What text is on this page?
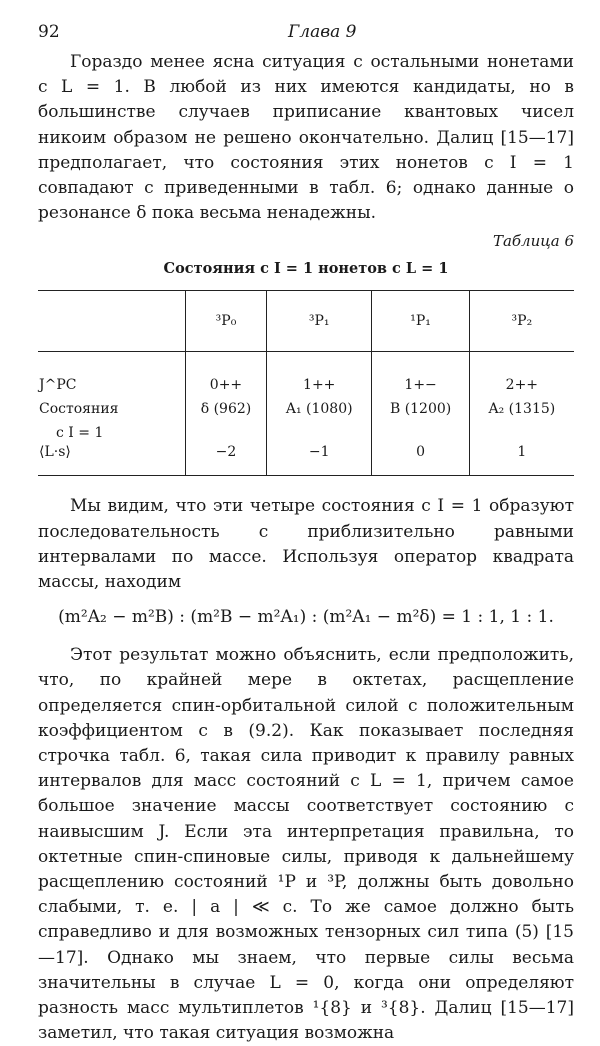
92	Глава 9

Гораздо менее ясна ситуация с остальными нонетами с L = 1. В любой из них имеются кандидаты, но в большинстве случаев приписание квантовых чисел никоим образом не решено окончательно. Далиц [15—17] предполагает, что состояния этих нонетов с I = 1 совпадают с приведенными в табл. 6; однако данные о резонансе δ пока весьма ненадежны.

Таблица 6
Состояния с I = 1 нонетов с L = 1
	³P₀	³P₁	¹P₁	³P₂
J^PC	0++	1++	1+−	2++
Состояния	δ (962)	A₁ (1080)	B (1200)	A₂ (1315)
с I = 1				
⟨L·s⟩	−2	−1	0	1

Мы видим, что эти четыре состояния с I = 1 образуют последовательность с приблизительно равными интервалами по массе. Используя оператор квадрата массы, находим

(m²A₂ − m²B) : (m²B − m²A₁) : (m²A₁ − m²δ) = 1 : 1, 1 : 1.

Этот результат можно объяснить, если предположить, что, по крайней мере в октетах, расщепление определяется спин-орбитальной силой с положительным коэффициентом c в (9.2). Как показывает последняя строчка табл. 6, такая сила приводит к правилу равных интервалов для масс состояний с L = 1, причем самое большое значение массы соответствует состоянию с наивысшим J. Если эта интерпретация правильна, то октетные спин-спиновые силы, приводя к дальнейшему расщеплению состояний ¹P и ³P, должны быть довольно слабыми, т. е. | a | ≪ c. То же самое должно быть справедливо и для возможных тензорных сил типа (5) [15—17]. Однако мы знаем, что первые силы весьма значительны в случае L = 0, когда они определяют разность масс мультиплетов ¹{8} и ³{8}. Далиц [15—17] заметил, что такая ситуация возможна
